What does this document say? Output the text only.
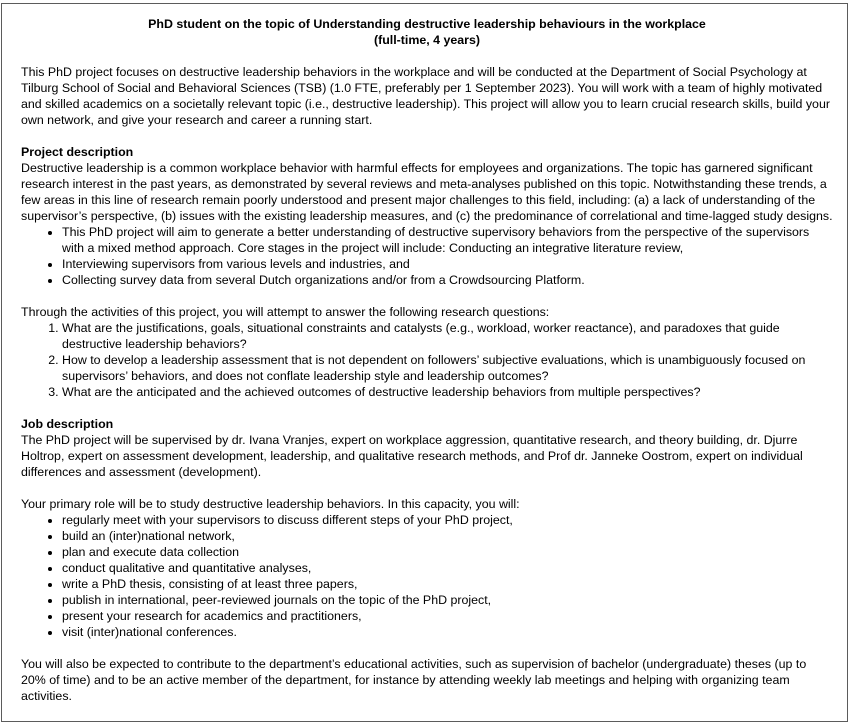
PhD student on the topic of Understanding destructive leadership behaviours in the workplace
(full-time, 4 years)

This PhD project focuses on destructive leadership behaviors in the workplace and will be conducted at the Department of Social Psychology at Tilburg School of Social and Behavioral Sciences (TSB) (1.0 FTE, preferably per 1 September 2023). You will work with a team of highly motivated and skilled academics on a societally relevant topic (i.e., destructive leadership). This project will allow you to learn crucial research skills, build your own network, and give your research and career a running start.

Project description

Destructive leadership is a common workplace behavior with harmful effects for employees and organizations. The topic has garnered significant research interest in the past years, as demonstrated by several reviews and meta-analyses published on this topic. Notwithstanding these trends, a few areas in this line of research remain poorly understood and present major challenges to this field, including: (a) a lack of understanding of the supervisor’s perspective, (b) issues with the existing leadership measures, and (c) the predominance of correlational and time-lagged study designs.

• This PhD project will aim to generate a better understanding of destructive supervisory behaviors from the perspective of the supervisors with a mixed method approach. Core stages in the project will include: Conducting an integrative literature review,
• Interviewing supervisors from various levels and industries, and
• Collecting survey data from several Dutch organizations and/or from a Crowdsourcing Platform.

Through the activities of this project, you will attempt to answer the following research questions:

1. What are the justifications, goals, situational constraints and catalysts (e.g., workload, worker reactance), and paradoxes that guide destructive leadership behaviors?
2. How to develop a leadership assessment that is not dependent on followers’ subjective evaluations, which is unambiguously focused on supervisors’ behaviors, and does not conflate leadership style and leadership outcomes?
3. What are the anticipated and the achieved outcomes of destructive leadership behaviors from multiple perspectives?

Job description

The PhD project will be supervised by dr. Ivana Vranjes, expert on workplace aggression, quantitative research, and theory building, dr. Djurre Holtrop, expert on assessment development, leadership, and qualitative research methods, and Prof dr. Janneke Oostrom, expert on individual differences and assessment (development).

Your primary role will be to study destructive leadership behaviors. In this capacity, you will:

• regularly meet with your supervisors to discuss different steps of your PhD project,
• build an (inter)national network,
• plan and execute data collection
• conduct qualitative and quantitative analyses,
• write a PhD thesis, consisting of at least three papers,
• publish in international, peer-reviewed journals on the topic of the PhD project,
• present your research for academics and practitioners,
• visit (inter)national conferences.

You will also be expected to contribute to the department’s educational activities, such as supervision of bachelor (undergraduate) theses (up to 20% of time) and to be an active member of the department, for instance by attending weekly lab meetings and helping with organizing team activities.
